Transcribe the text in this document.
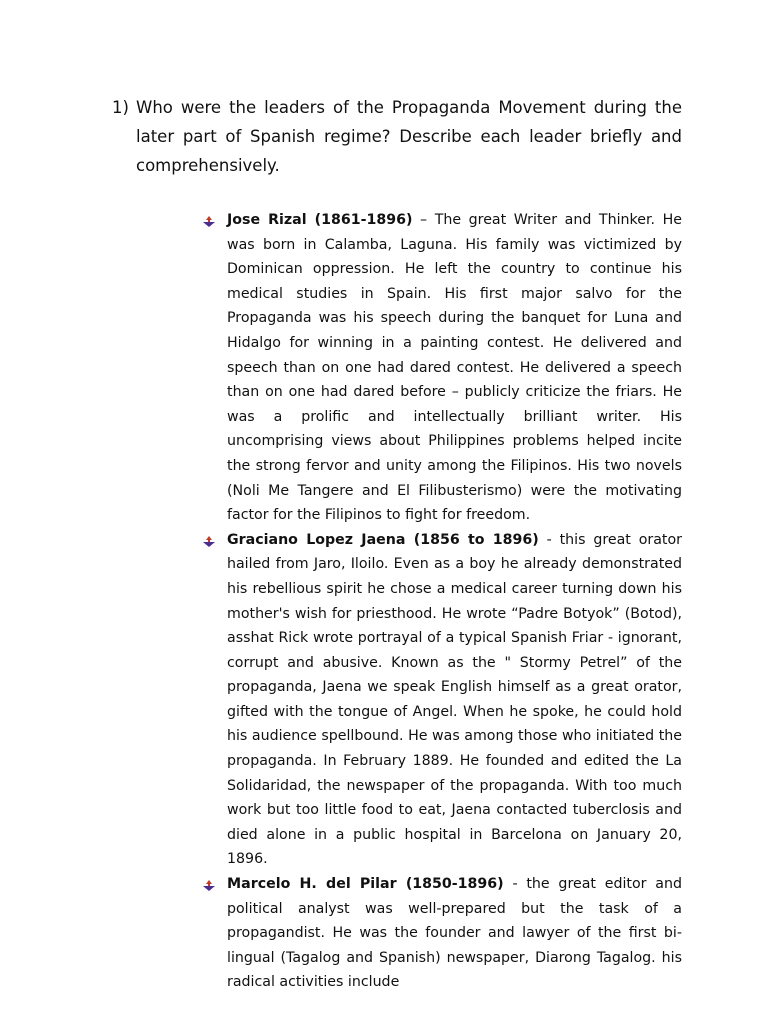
1) Who were the leaders of the Propaganda Movement during the later part of Spanish regime? Describe each leader briefly and comprehensively.

Jose Rizal (1861-1896) – The great Writer and Thinker. He was born in Calamba, Laguna. His family was victimized by Dominican oppression. He left the country to continue his medical studies in Spain. His first major salvo for the Propaganda was his speech during the banquet for Luna and Hidalgo for winning in a painting contest. He delivered and speech than on one had dared contest. He delivered a speech than on one had dared before – publicly criticize the friars. He was a prolific and intellectually brilliant writer. His uncomprising views about Philippines problems helped incite the strong fervor and unity among the Filipinos. His two novels (Noli Me Tangere and El Filibusterismo) were the motivating factor for the Filipinos to fight for freedom.

Graciano Lopez Jaena (1856 to 1896) - this great orator hailed from Jaro, Iloilo. Even as a boy he already demonstrated his rebellious spirit he chose a medical career turning down his mother's wish for priesthood. He wrote “Padre Botyok” (Botod), asshat Rick wrote portrayal of a typical Spanish Friar - ignorant, corrupt and abusive. Known as the " Stormy Petrel” of the propaganda, Jaena we speak English himself as a great orator, gifted with the tongue of Angel. When he spoke, he could hold his audience spellbound. He was among those who initiated the propaganda. In February 1889. He founded and edited the La Solidaridad, the newspaper of the propaganda. With too much work but too little food to eat, Jaena contacted tuberclosis and died alone in a public hospital in Barcelona on January 20, 1896.

Marcelo H. del Pilar (1850-1896) - the great editor and political analyst was well-prepared but the task of a propagandist. He was the founder and lawyer of the first bi-lingual (Tagalog and Spanish) newspaper, Diarong Tagalog. his radical activities include
